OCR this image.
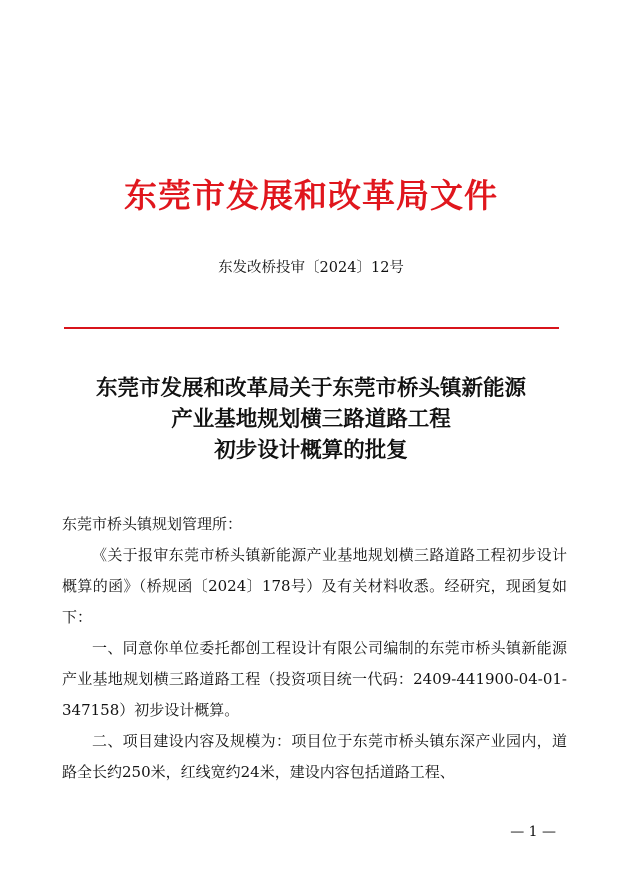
东莞市发展和改革局文件
东发改桥投审〔2024〕12号
东莞市发展和改革局关于东莞市桥头镇新能源
产业基地规划横三路道路工程
初步设计概算的批复

东莞市桥头镇规划管理所：

《关于报审东莞市桥头镇新能源产业基地规划横三路道路工程初步设计概算的函》（桥规函〔2024〕178号）及有关材料收悉。经研究，现函复如下：

一、同意你单位委托都创工程设计有限公司编制的东莞市桥头镇新能源产业基地规划横三路道路工程（投资项目统一代码：2409-441900-04-01-347158）初步设计概算。

二、项目建设内容及规模为：项目位于东莞市桥头镇东深产业园内，道路全长约250米，红线宽约24米，建设内容包括道路工程、

— 1 —
